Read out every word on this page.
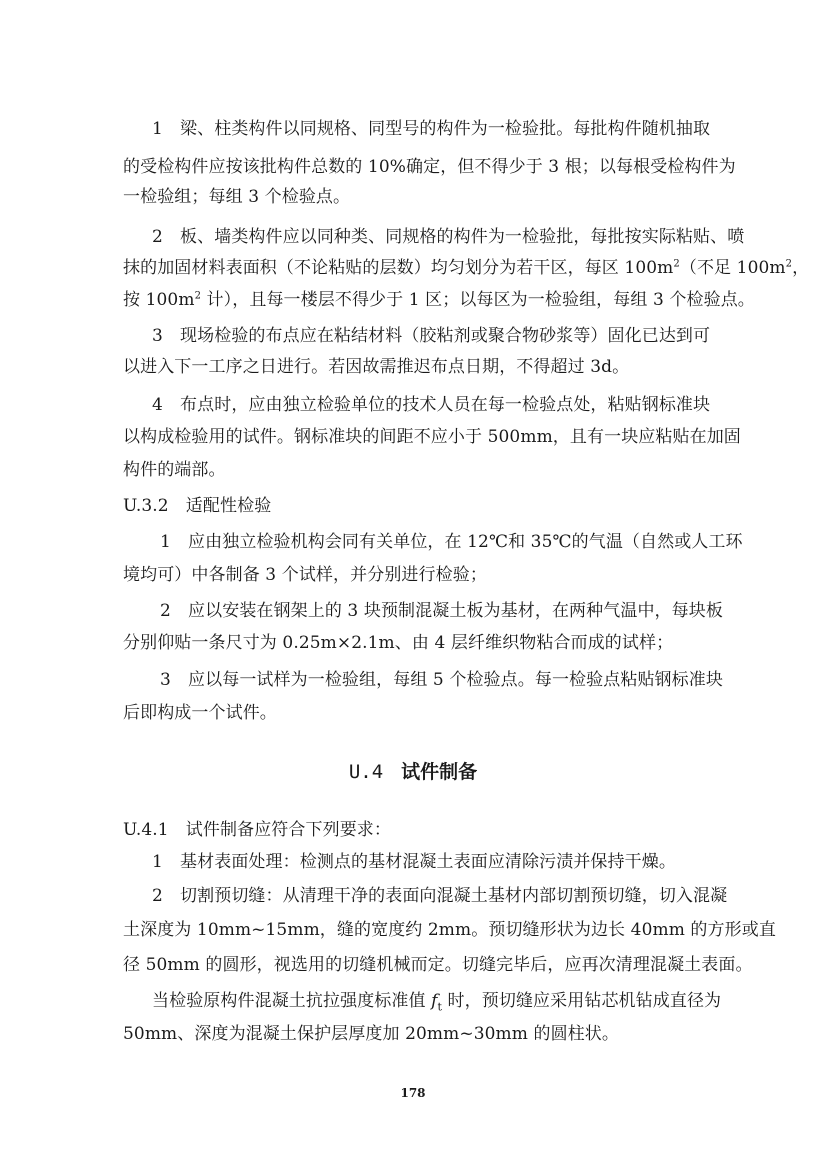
1　梁、柱类构件以同规格、同型号的构件为一检验批。每批构件随机抽取
的受检构件应按该批构件总数的 10%确定，但不得少于 3 根；以每根受检构件为
一检验组；每组 3 个检验点。
2　板、墙类构件应以同种类、同规格的构件为一检验批，每批按实际粘贴、喷
抹的加固材料表面积（不论粘贴的层数）均匀划分为若干区，每区 $100m^2$（不足 $100m^2$，
按 $100m^2$ 计），且每一楼层不得少于 1 区；以每区为一检验组，每组 3 个检验点。
3　现场检验的布点应在粘结材料（胶粘剂或聚合物砂浆等）固化已达到可
以进入下一工序之日进行。若因故需推迟布点日期，不得超过 3d。
4　布点时，应由独立检验单位的技术人员在每一检验点处，粘贴钢标准块
以构成检验用的试件。钢标准块的间距不应小于 500mm，且有一块应粘贴在加固
构件的端部。
U.3.2　适配性检验
1　应由独立检验机构会同有关单位，在 12℃和 35℃的气温（自然或人工环
境均可）中各制备 3 个试样，并分别进行检验；
2　应以安装在钢架上的 3 块预制混凝土板为基材，在两种气温中，每块板
分别仰贴一条尺寸为 0.25m×2.1m、由 4 层纤维织物粘合而成的试样；
3　应以每一试样为一检验组，每组 5 个检验点。每一检验点粘贴钢标准块
后即构成一个试件。
U.4 试件制备
U.4.1　试件制备应符合下列要求：
1　基材表面处理：检测点的基材混凝土表面应清除污渍并保持干燥。
2　切割预切缝：从清理干净的表面向混凝土基材内部切割预切缝，切入混凝
土深度为 10mm~15mm，缝的宽度约 2mm。预切缝形状为边长 40mm 的方形或直
径 50mm 的圆形，视选用的切缝机械而定。切缝完毕后，应再次清理混凝土表面。
当检验原构件混凝土抗拉强度标准值 $f_t$ 时，预切缝应采用钻芯机钻成直径为
50mm、深度为混凝土保护层厚度加 20mm~30mm 的圆柱状。
178
